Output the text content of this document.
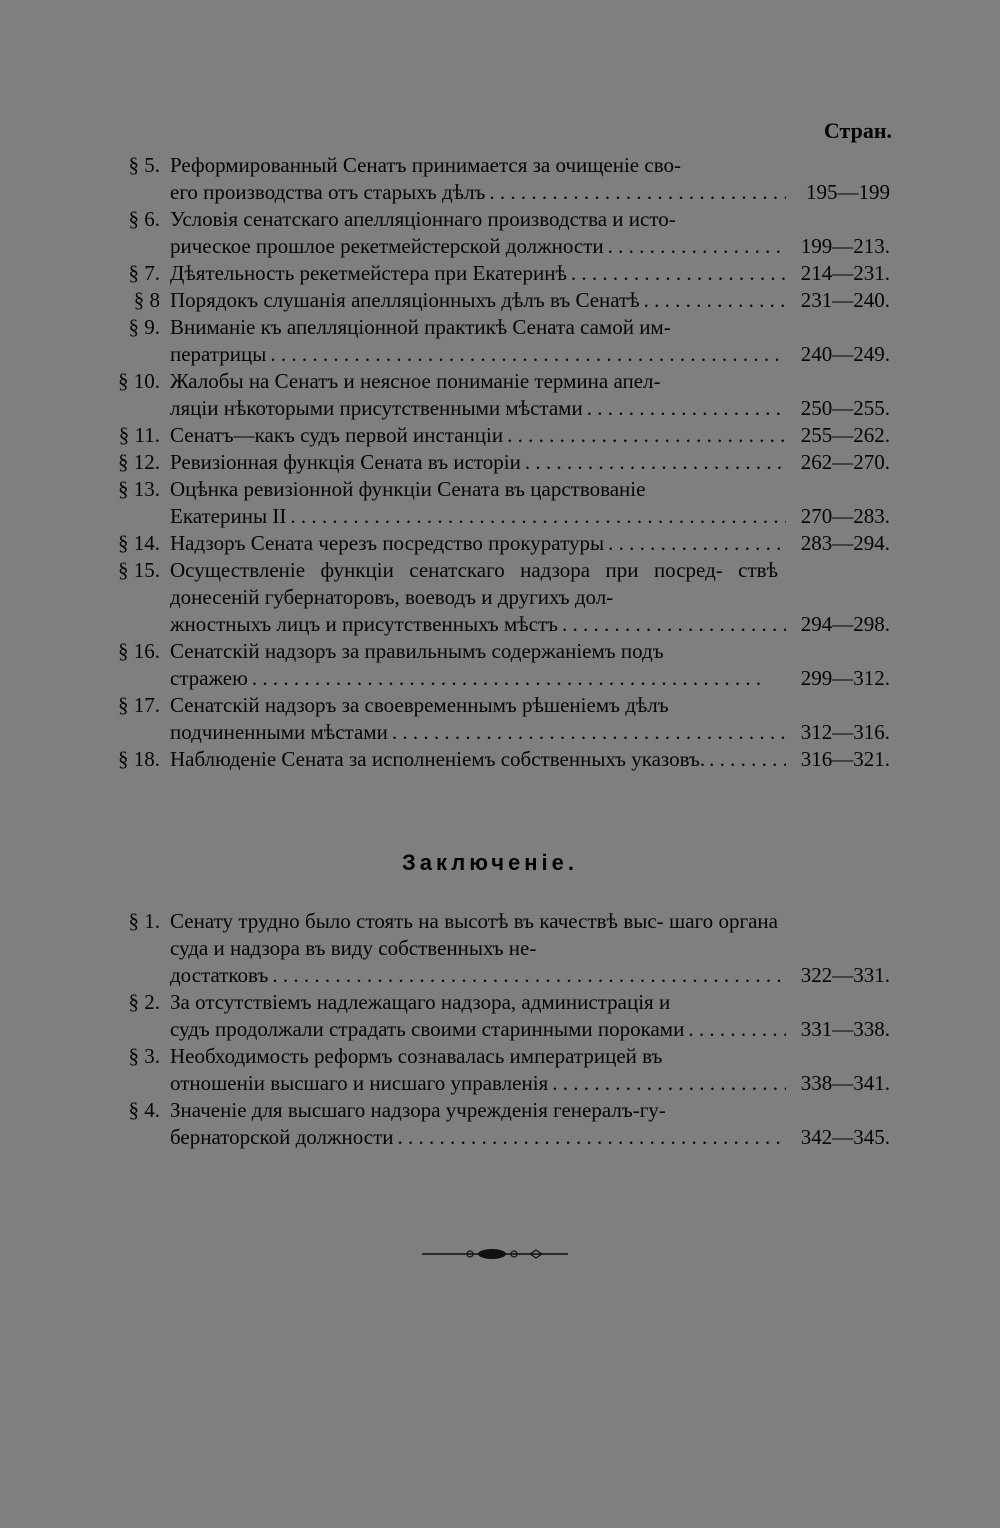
Стран.
§ 5. Реформированный Сенатъ принимается за очищеніе сво-
его производства отъ старыхъ дѣлъ . . .	195—199
§ 6. Условія сенатскаго апелляціоннаго производства и исто-
рическое прошлое рекетмейстерской должности . . .	199—213.
§ 7. Дѣятельность рекетмейстера при Екатеринѣ . . .	214—231.
§ 8 Порядокъ слушанія апелляціонныхъ дѣлъ въ Сенатѣ . . .	231—240.
§ 9. Вниманіе къ апелляціонной практикѣ Сената самой им-
ператрицы . . .	240—249.
§ 10. Жалобы на Сенатъ и неясное пониманіе термина апел-
ляціи нѣкоторыми присутственными мѣстами . . .	250—255.
§ 11. Сенатъ—какъ судъ первой инстанціи . . .	255—262.
§ 12. Ревизіонная функція Сената въ исторіи . . .	262—270.
§ 13. Оцѣнка ревизіонной функціи Сената въ царствованіе
Екатерины II . . .	270—283.
§ 14. Надзоръ Сената черезъ посредство прокуратуры . . .	283—294.
§ 15. Осуществленіе функціи сенатскаго надзора при посред- ствѣ донесеній губернаторовъ, воеводъ и другихъ дол-
жностныхъ лицъ и присутственныхъ мѣстъ . . .	294—298.
§ 16. Сенатскій надзоръ за правильнымъ содержаніемъ подъ
стражею . . .	299—312.
§ 17. Сенатскій надзоръ за своевременнымъ рѣшеніемъ дѣлъ
подчиненными мѣстами . . .	312—316.
§ 18. Наблюденіе Сената за исполненіемъ собственныхъ указовъ. . . .	316—321.
Заключеніе.
§ 1. Сенату трудно было стоять на высотѣ въ качествѣ выс- шаго органа суда и надзора въ виду собственныхъ не-
достатковъ . . .	322—331.
§ 2. За отсутствіемъ надлежащаго надзора, администрація и
судъ продолжали страдать своими старинными пороками . . .	331—338.
§ 3. Необходимость реформъ сознавалась императрицей въ
отношеніи высшаго и нисшаго управленія . . .	338—341.
§ 4. Значеніе для высшаго надзора учрежденія генералъ-гу-
бернаторской должности . . .	342—345.
